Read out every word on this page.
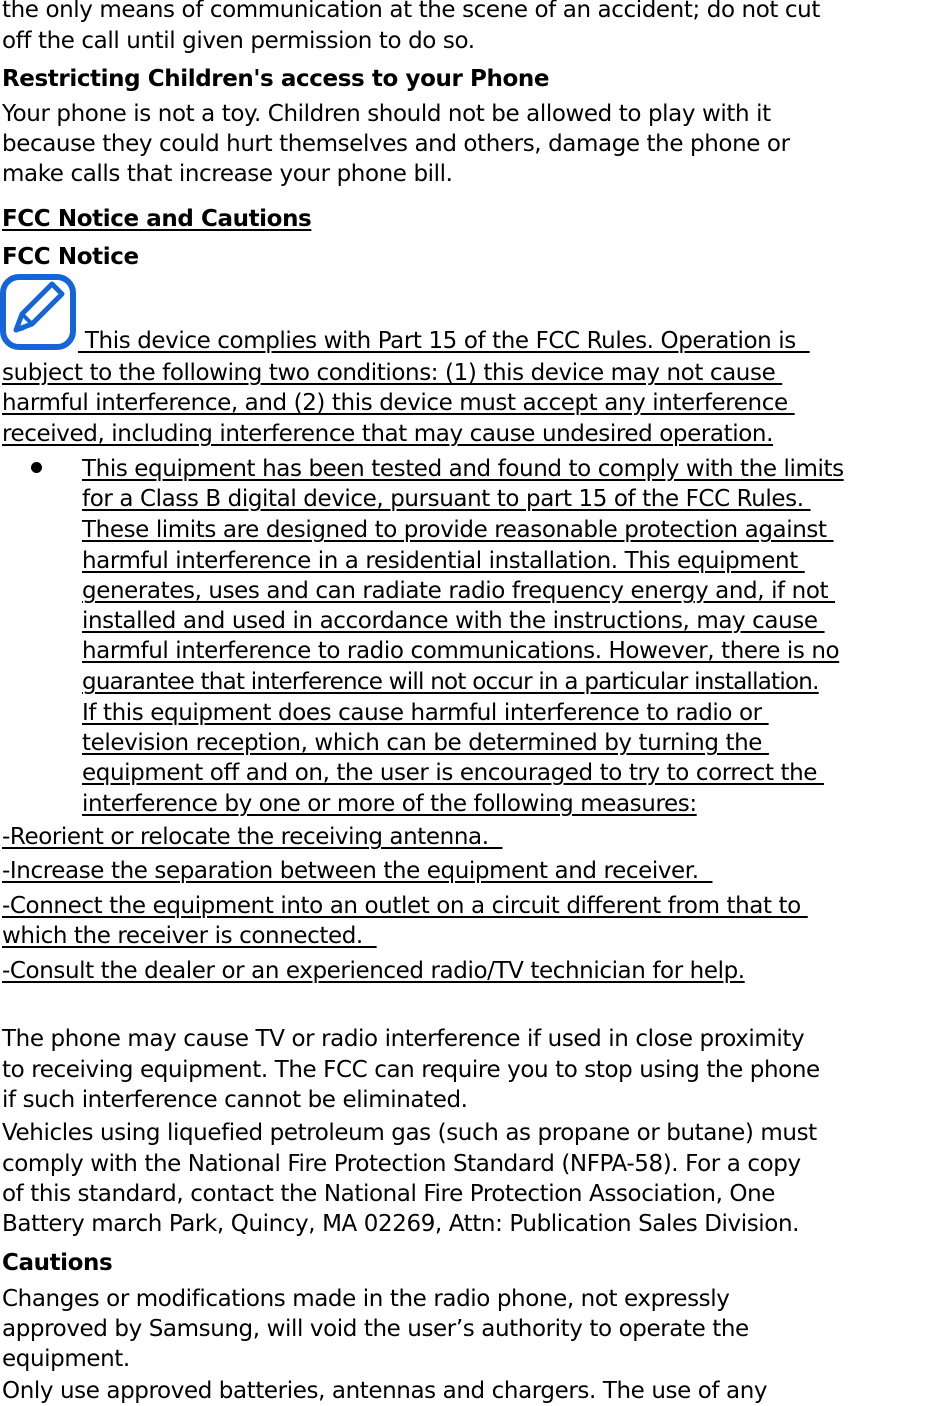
the only means of communication at the scene of an accident; do not cut
off the call until given permission to do so.
Restricting Children's access to your Phone
Your phone is not a toy. Children should not be allowed to play with it
because they could hurt themselves and others, damage the phone or
make calls that increase your phone bill.
FCC Notice and Cautions
FCC Notice
This device complies with Part 15 of the FCC Rules. Operation is
subject to the following two conditions: (1) this device may not cause
harmful interference, and (2) this device must accept any interference
received, including interference that may cause undesired operation.
This equipment has been tested and found to comply with the limits
for a Class B digital device, pursuant to part 15 of the FCC Rules.
These limits are designed to provide reasonable protection against
harmful interference in a residential installation. This equipment
generates, uses and can radiate radio frequency energy and, if not
installed and used in accordance with the instructions, may cause
harmful interference to radio communications. However, there is no
guarantee that interference will not occur in a particular installation.
If this equipment does cause harmful interference to radio or
television reception, which can be determined by turning the
equipment off and on, the user is encouraged to try to correct the
interference by one or more of the following measures:
-Reorient or relocate the receiving antenna.
-Increase the separation between the equipment and receiver.
-Connect the equipment into an outlet on a circuit different from that to
which the receiver is connected.
-Consult the dealer or an experienced radio/TV technician for help.
The phone may cause TV or radio interference if used in close proximity
to receiving equipment. The FCC can require you to stop using the phone
if such interference cannot be eliminated.
Vehicles using liquefied petroleum gas (such as propane or butane) must
comply with the National Fire Protection Standard (NFPA-58). For a copy
of this standard, contact the National Fire Protection Association, One
Battery march Park, Quincy, MA 02269, Attn: Publication Sales Division.
Cautions
Changes or modifications made in the radio phone, not expressly
approved by Samsung, will void the user’s authority to operate the
equipment.
Only use approved batteries, antennas and chargers. The use of any
